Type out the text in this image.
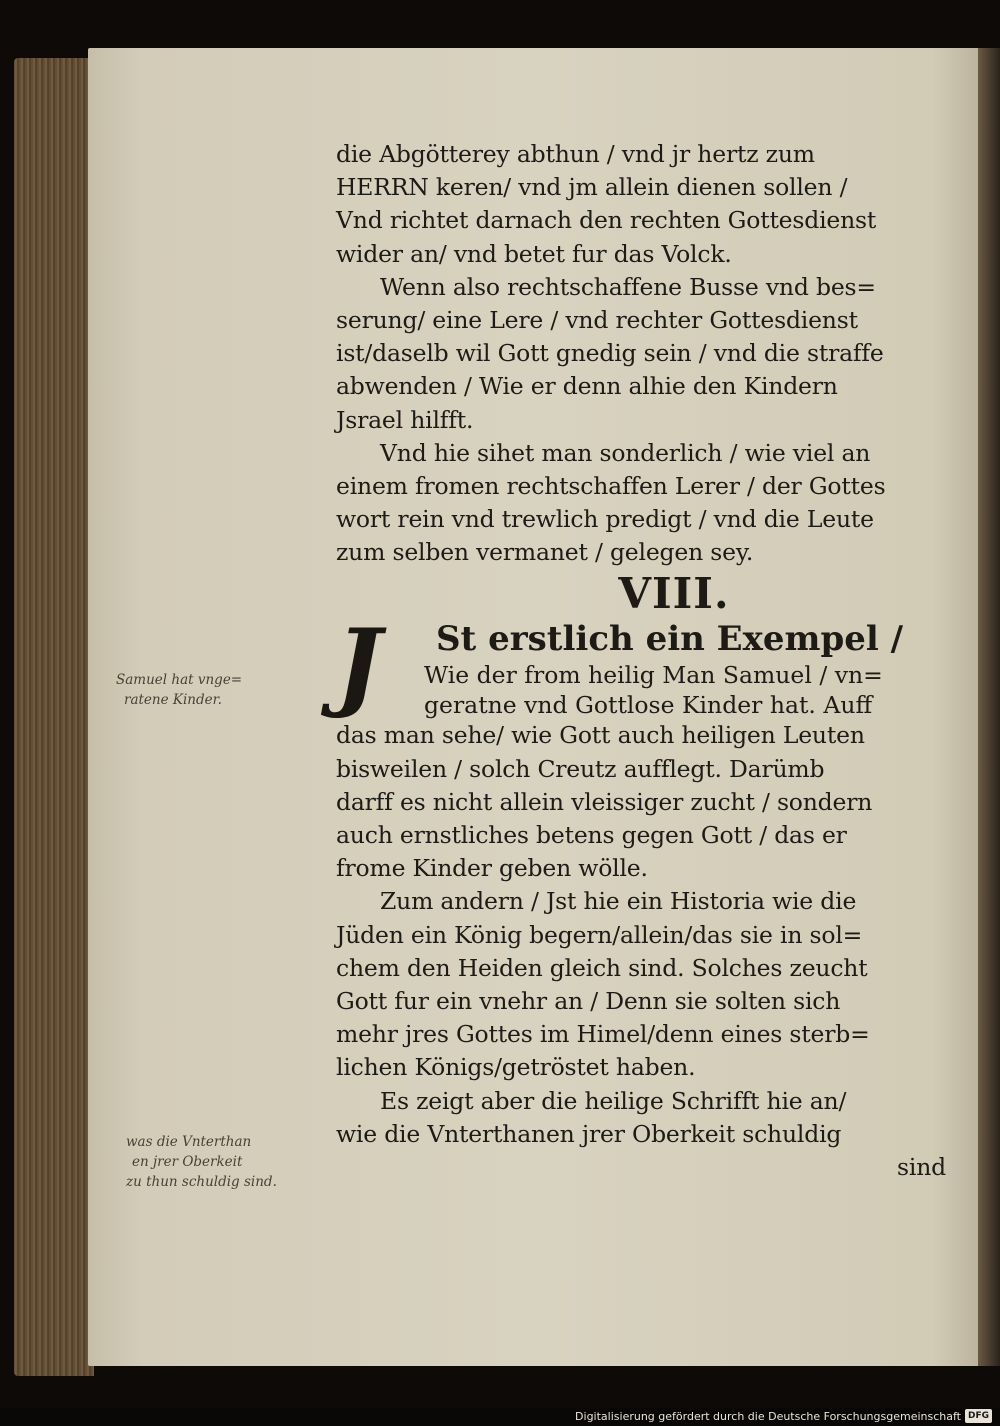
die Abgötterey abthun / vnd jr hertz zum
HERRN keren/ vnd jm allein dienen sollen /
Vnd richtet darnach den rechten Gottesdienst
wider an/ vnd betet fur das Volck.
Wenn also rechtschaffene Busse vnd bes=
serung/ eine Lere / vnd rechter Gottesdienst
ist/daselb wil Gott gnedig sein / vnd die straffe
abwenden / Wie er denn alhie den Kindern
Jsrael hilfft.
Vnd hie sihet man sonderlich / wie viel an
einem fromen rechtschaffen Lerer / der Gottes
wort rein vnd trewlich predigt / vnd die Leute
zum selben vermanet / gelegen sey.
VIII.
J St erstlich ein Exempel /
Wie der from heilig Man Samuel / vn=
geratne vnd Gottlose Kinder hat. Auff
das man sehe/ wie Gott auch heiligen Leuten
bisweilen / solch Creutz aufflegt. Darümb
darff es nicht allein vleissiger zucht / sondern
auch ernstliches betens gegen Gott / das er
frome Kinder geben wölle.
Zum andern / Jst hie ein Historia wie die
Jüden ein König begern/allein/das sie in sol=
chem den Heiden gleich sind. Solches zeucht
Gott fur ein vnehr an / Denn sie solten sich
mehr jres Gottes im Himel/denn eines sterb=
lichen Königs/getröstet haben.
Es zeigt aber die heilige Schrifft hie an/
wie die Vnterthanen jrer Oberkeit schuldig
sind
Samuel hat vnge=
ratene Kinder.
was die Vnterthan
en jrer Oberkeit
zu thun schuldig sind.
Digitalisierung gefördert durch die Deutsche Forschungsgemeinschaft DFG
